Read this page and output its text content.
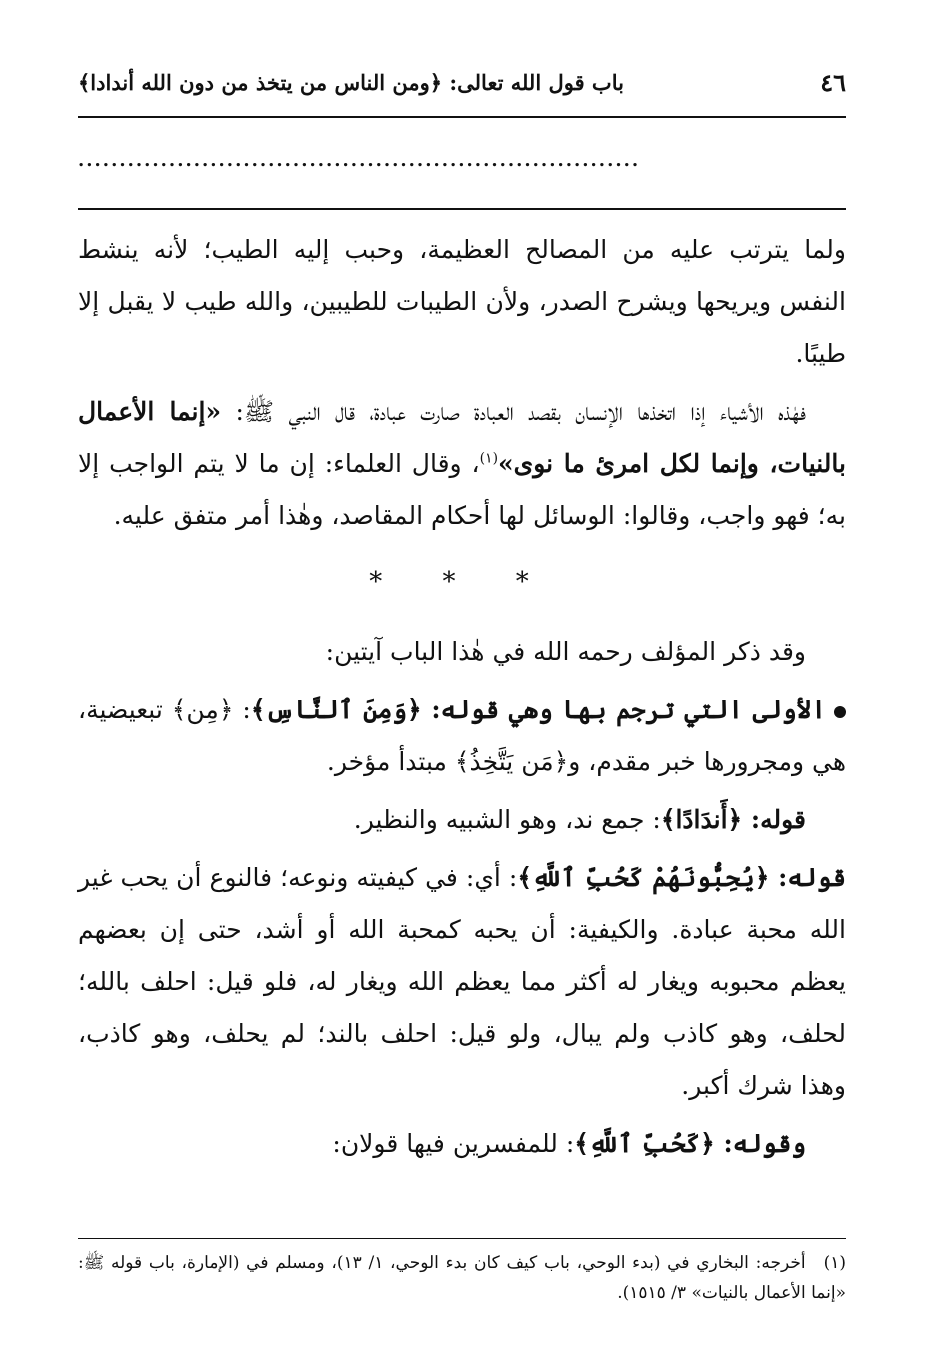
٤٦
باب قول الله تعالى: ﴿ومن الناس من يتخذ من دون الله أندادا﴾
....................................................................

ولما يترتب عليه من المصالح العظيمة، وحبب إليه الطيب؛ لأنه ينشط النفس ويريحها ويشرح الصدر، ولأن الطيبات للطيبين، والله طيب لا يقبل إلا طيبًا.

فهٰذه الأشياء إذا اتخذها الإنسان بقصد العبادة صارت عبادة، قال النبي ﷺ: «إنما الأعمال بالنيات، وإنما لكل امرئ ما نوى»$^{(١)}$، وقال العلماء: إن ما لا يتم الواجب إلا به؛ فهو واجب، وقالوا: الوسائل لها أحكام المقاصد، وهٰذا أمر متفق عليه.

* * *

وقد ذكر المؤلف رحمه الله في هٰذا الباب آيتين:

الأولى التي ترجم بها وهي قوله: ﴿وَمِنَ ٱلنَّاسِ﴾: ﴿مِن﴾ تبعيضية، هي ومجرورها خبر مقدم، و﴿مَن يَتَّخِذُ﴾ مبتدأ مؤخر.

قوله: ﴿أَندَادًا﴾: جمع ند، وهو الشبيه والنظير.

قوله: ﴿يُحِبُّونَهُمْ كَحُبِّ ٱللَّهِ﴾: أي: في كيفيته ونوعه؛ فالنوع أن يحب غير الله محبة عبادة. والكيفية: أن يحبه كمحبة الله أو أشد، حتى إن بعضهم يعظم محبوبه ويغار له أكثر مما يعظم الله ويغار له، فلو قيل: احلف بالله؛ لحلف، وهو كاذب ولم يبال، ولو قيل: احلف بالند؛ لم يحلف، وهو كاذب، وهذا شرك أكبر.

وقوله: ﴿كَحُبِّ ٱللَّهِ﴾: للمفسرين فيها قولان:

(١)أخرجه: البخاري في (بدء الوحي، باب كيف كان بدء الوحي، ١/ ١٣)، ومسلم في (الإمارة، باب قوله ﷺ: «إنما الأعمال بالنيات» ٣/ ١٥١٥).
